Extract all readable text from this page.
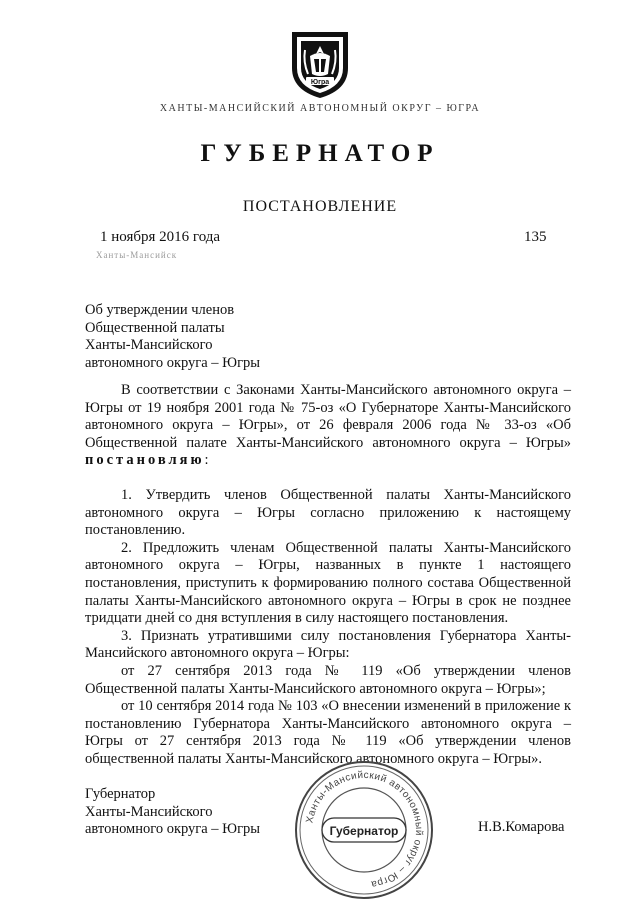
Югра
ХАНТЫ-МАНСИЙСКИЙ АВТОНОМНЫЙ ОКРУГ – ЮГРА
ГУБЕРНАТОР
ПОСТАНОВЛЕНИЕ
1 ноября 2016 года	135
Ханты-Мансийск
Об утверждении членов
Общественной палаты
Ханты-Мансийского
автономного округа – Югры

В соответствии с Законами Ханты-Мансийского автономного округа – Югры от 19 ноября 2001 года № 75-оз «О Губернаторе Ханты-Мансийского автономного округа – Югры», от 26 февраля 2006 года № 33-оз «Об Общественной палате Ханты-Мансийского автономного округа – Югры» постановляю:

1. Утвердить членов Общественной палаты Ханты-Мансийского автономного округа – Югры согласно приложению к настоящему постановлению.

2. Предложить членам Общественной палаты Ханты-Мансийского автономного округа – Югры, названных в пункте 1 настоящего постановления, приступить к формированию полного состава Общественной палаты Ханты-Мансийского автономного округа – Югры в срок не позднее тридцати дней со дня вступления в силу настоящего постановления.

3. Признать утратившими силу постановления Губернатора Ханты-Мансийского автономного округа – Югры:

от 27 сентября 2013 года № 119 «Об утверждении членов Общественной палаты Ханты-Мансийского автономного округа – Югры»;

от 10 сентября 2014 года № 103 «О внесении изменений в приложение к постановлению Губернатора Ханты-Мансийского автономного округа – Югры от 27 сентября 2013 года № 119 «Об утверждении членов общественной палаты Ханты-Мансийского автономного округа – Югры».

Губернатор
Ханты-Мансийского
автономного округа – Югры
Ханты-Мансийский автономный округ – Югра
Губернатор	Н.В.Комарова
